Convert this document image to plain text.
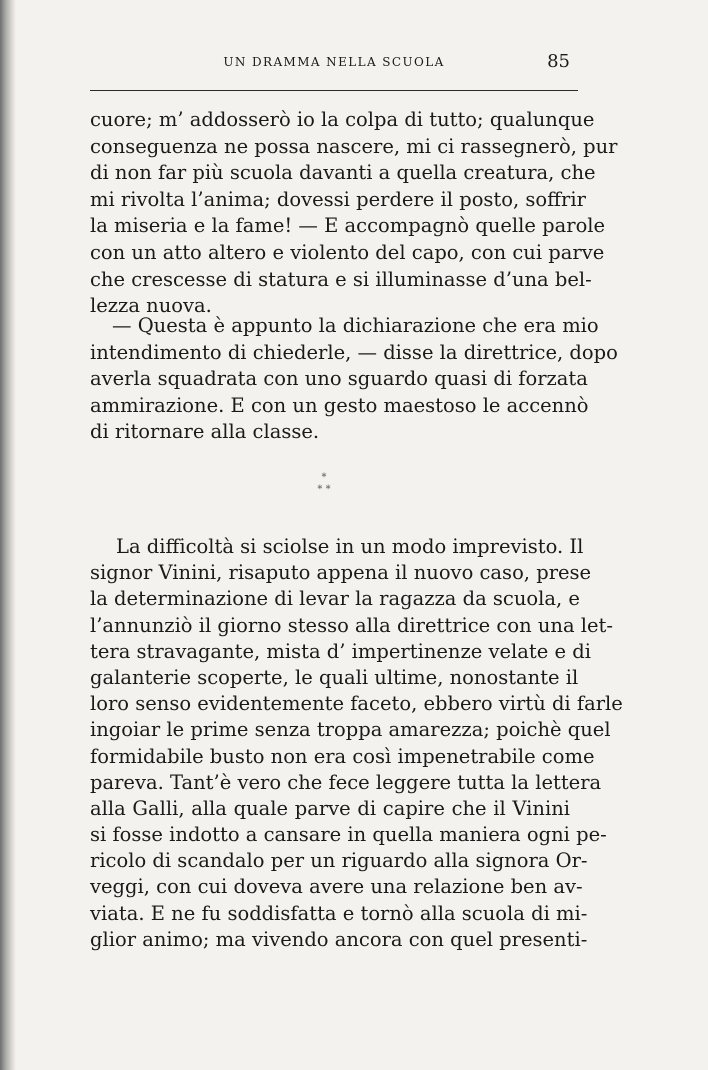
UN DRAMMA NELLA SCUOLA	85
cuore; m’ addosserò io la colpa di tutto; qualunque
conseguenza ne possa nascere, mi ci rassegnerò, pur
di non far più scuola davanti a quella creatura, che
mi rivolta l’anima; dovessi perdere il posto, soffrir
la miseria e la fame! — E accompagnò quelle parole
con un atto altero e violento del capo, con cui parve
che crescesse di statura e si illuminasse d’una bel-
lezza nuova.
— Questa è appunto la dichiarazione che era mio
intendimento di chiederle, — disse la direttrice, dopo
averla squadrata con uno sguardo quasi di forzata
ammirazione. E con un gesto maestoso le accennò
di ritornare alla classe.
*
* *
La difficoltà si sciolse in un modo imprevisto. Il
signor Vinini, risaputo appena il nuovo caso, prese
la determinazione di levar la ragazza da scuola, e
l’annunziò il giorno stesso alla direttrice con una let-
tera stravagante, mista d’ impertinenze velate e di
galanterie scoperte, le quali ultime, nonostante il
loro senso evidentemente faceto, ebbero virtù di farle
ingoiar le prime senza troppa amarezza; poichè quel
formidabile busto non era così impenetrabile come
pareva. Tant’è vero che fece leggere tutta la lettera
alla Galli, alla quale parve di capire che il Vinini
si fosse indotto a cansare in quella maniera ogni pe-
ricolo di scandalo per un riguardo alla signora Or-
veggi, con cui doveva avere una relazione ben av-
viata. E ne fu soddisfatta e tornò alla scuola di mi-
glior animo; ma vivendo ancora con quel presenti-
